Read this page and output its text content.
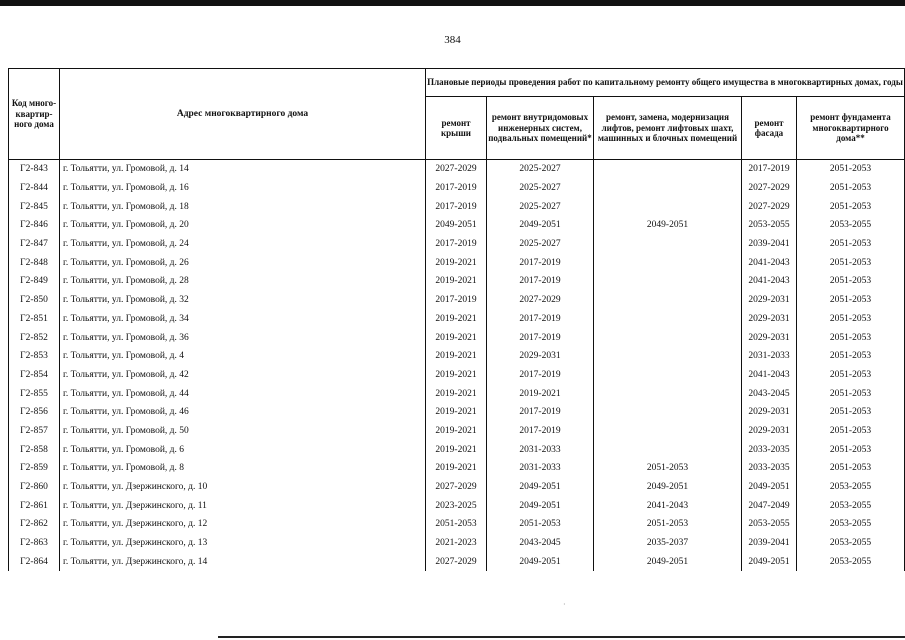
384
Код много-квартир-ного дома	Адрес многоквартирного дома	Плановые периоды проведения работ по капитальному ремонту общего имущества в многоквартирных домах, годы				
		ремонт крыши	ремонт внутридомовых инженерных систем, подвальных помещений*	ремонт, замена, модернизация лифтов, ремонт лифтовых шахт, машинных и блочных помещений	ремонт фасада	ремонт фундамента многоквартирного дома**
Г2-843	г. Тольятти, ул. Громовой, д. 14	2027-2029	2025-2027		2017-2019	2051-2053
Г2-844	г. Тольятти, ул. Громовой, д. 16	2017-2019	2025-2027		2027-2029	2051-2053
Г2-845	г. Тольятти, ул. Громовой, д. 18	2017-2019	2025-2027		2027-2029	2051-2053
Г2-846	г. Тольятти, ул. Громовой, д. 20	2049-2051	2049-2051	2049-2051	2053-2055	2053-2055
Г2-847	г. Тольятти, ул. Громовой, д. 24	2017-2019	2025-2027		2039-2041	2051-2053
Г2-848	г. Тольятти, ул. Громовой, д. 26	2019-2021	2017-2019		2041-2043	2051-2053
Г2-849	г. Тольятти, ул. Громовой, д. 28	2019-2021	2017-2019		2041-2043	2051-2053
Г2-850	г. Тольятти, ул. Громовой, д. 32	2017-2019	2027-2029		2029-2031	2051-2053
Г2-851	г. Тольятти, ул. Громовой, д. 34	2019-2021	2017-2019		2029-2031	2051-2053
Г2-852	г. Тольятти, ул. Громовой, д. 36	2019-2021	2017-2019		2029-2031	2051-2053
Г2-853	г. Тольятти, ул. Громовой, д. 4	2019-2021	2029-2031		2031-2033	2051-2053
Г2-854	г. Тольятти, ул. Громовой, д. 42	2019-2021	2017-2019		2041-2043	2051-2053
Г2-855	г. Тольятти, ул. Громовой, д. 44	2019-2021	2019-2021		2043-2045	2051-2053
Г2-856	г. Тольятти, ул. Громовой, д. 46	2019-2021	2017-2019		2029-2031	2051-2053
Г2-857	г. Тольятти, ул. Громовой, д. 50	2019-2021	2017-2019		2029-2031	2051-2053
Г2-858	г. Тольятти, ул. Громовой, д. 6	2019-2021	2031-2033		2033-2035	2051-2053
Г2-859	г. Тольятти, ул. Громовой, д. 8	2019-2021	2031-2033	2051-2053	2033-2035	2051-2053
Г2-860	г. Тольятти, ул. Дзержинского, д. 10	2027-2029	2049-2051	2049-2051	2049-2051	2053-2055
Г2-861	г. Тольятти, ул. Дзержинского, д. 11	2023-2025	2049-2051	2041-2043	2047-2049	2053-2055
Г2-862	г. Тольятти, ул. Дзержинского, д. 12	2051-2053	2051-2053	2051-2053	2053-2055	2053-2055
Г2-863	г. Тольятти, ул. Дзержинского, д. 13	2021-2023	2043-2045	2035-2037	2039-2041	2053-2055
Г2-864	г. Тольятти, ул. Дзержинского, д. 14	2027-2029	2049-2051	2049-2051	2049-2051	2053-2055
·
